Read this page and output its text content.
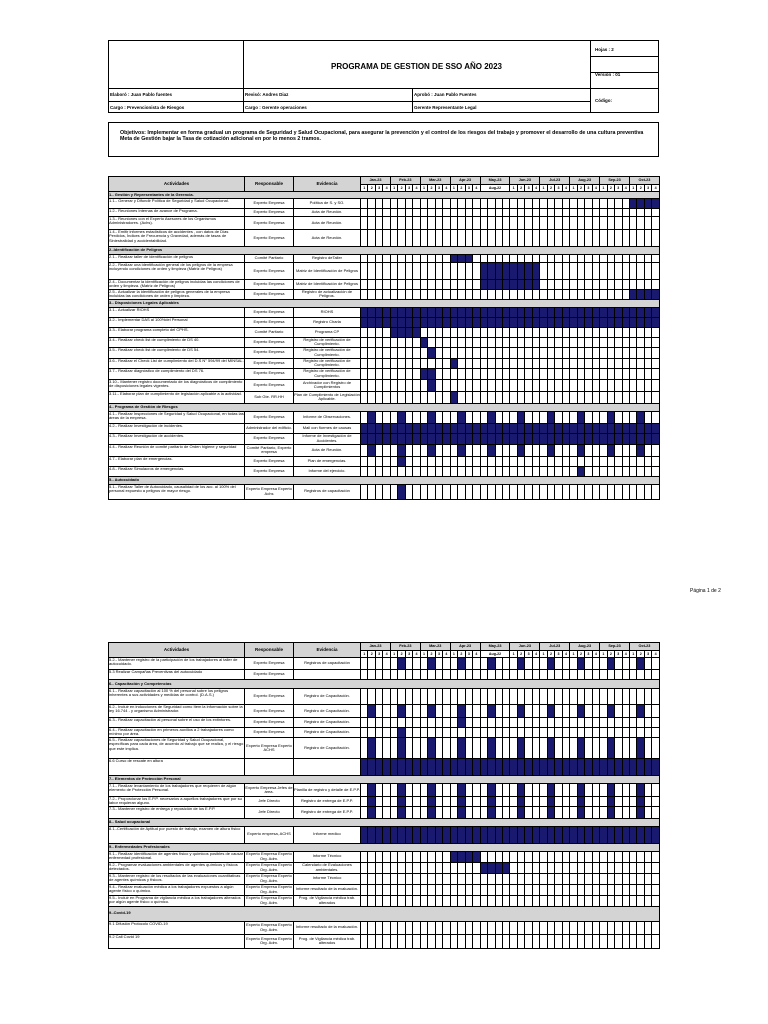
PROGRAMA DE GESTION DE SSO AÑO 2023
Hojas : 2
Versión : 01
Código:
Elaboró : Juan Pablo fuentes
Cargo : Prevencionista de Riesgos
Revisó: Andres Diaz
Cargo : Gerente operaciones
Aprobó : Juan Pablo Fuentes
Gerente Representante Legal
Objetivos: Implementar en forma gradual un programa de Seguridad y Salud Ocupacional, para asegurar la prevención y el control de los riesgos del trabajo y promover el desarrollo de una cultura preventiva Meta de Gestión bajar la Tasa de cotización adicional en por lo menos 2 tramos.
Actividades	Responsable	Evidencia	Jan-23				Feb-23				Mar-23				Apr-23				May-23				Jun-23				Jul-23				Aug-23				Sep-23				Oct-23			
			1	2	3	4	1	2	3	4	1	2	3	4	1	2	3	4	Aug-22				1	2	3	4	1	2	3	4	1	2	3	4	1	2	3	4	1	2	3	4
1.- Gestión y Representantes de la Gerencia.																																										
1.1.- Generar y Difundir Política de Seguridad y Salud Ocupacional.	Experto Empresa	Política de S. y SO.																																								
1.2.- Reuniones Internas de avance de Programa.	Experto Empresa	Acta de Reunión.																																								
1.3.- Reuniones con el Experto Asesores de los Organismos Administradores. (Achs).	Experto Empresa	Acta de Reunión.																																								
1.4.- Emitir informes estadísticos de accidentes , con datos de Días Perdidos, Índices de Frecuencia y Gravedad, además de tasas de Siniestralidad y accidentabilidad.	Experto Empresa	Acta de Reunión.																																								
2.-Identificación de Peligros																																										
2.1.- Realizar taller de identificación de peligros	Comité Paritario	Registro deTaller																																								
2.2.- Realizar una identificación general de los peligros de la empresa incluyendo condiciones de orden y limpieza (Matriz de Peligros)	Experto Empresa	Matriz de Identificación de Peligros																																								
2.4.- Documentar la identificación de peligros incluidas las condiciones de orden y limpieza. (Matriz de Peligros)	Experto Empresa	Matriz de Identificación de Peligros																																								
2.5.- Actualizar la identificación de peligros generales de la empresa incluidas las condiciones de orden y limpieza.	Experto Empresa	Registro de actualización de Peligros.																																								
3.- Disposiciones Legales Aplicables																																										
3.1.- Actualizar RIOHS	Experto Empresa	RIOHS																																								
3.2.- Implementar DAS al 100%del Personal	Experto Empresa	Registro Charla																																								
3.3.- Elaborar programa completo del CPHS.	Comité Paritario	Programa CP																																								
3.4.- Realizar check list de cumplimiento de DS 40.	Experto Empresa	Registro de verificación de Cumplimiento.																																								
3.5.- Realizar check list de cumplimiento de DS 54.	Experto Empresa	Registro de verificación de Cumplimiento.																																								
3.6.- Realizar el Check List de cumplimiento del D.S N° 594/99 del MINSAL.	Experto Empresa	Registro de verificación de Cumplimiento.																																								
3.7.- Realizar diagnóstico de cumplimiento del DS 76.	Experto Empresa	Registro de verificación de Cumplimiento.																																								
3.10.- Mantener registro documentado de los diagnósticos de cumplimiento de disposiciones legales vigentes.	Experto Empresa	Archivador con Registro de Cumplimientos																																								
3.11.- Elaborar plan de cumplimiento de legislación aplicable a la actividad.	Sub Gte. RR.HH	Plan de Cumplimiento de Legislación Aplicable.																																								
4.- Programa de Gestión de Riesgos																																										
4.1.- Realizar Inspecciones de Seguridad y Salud Ocupacional, en todas las áreas de la empresa.	Experto Empresa	Informe de Observaciones.																																								
4.2.- Realizar Investigación de incidentes.	Administrador del edificio.	Mail con fiormes de causas																																								
4.3.- Realizar Investigación de accidentes.	Experto Empresa	Informe de Investigación de Accidentes.																																								
4.4.- Realizar Reunión de comité paritario de Orden higiene y seguridad	Comité Paritario, Experto empresa	Acta de Reunión.																																								
4.7.- Elaborar plan de emergencias.	Experto Empresa	Plan de emergencias.																																								
4.8.- Realizar Simulacros de emergencias.	Experto Empresa	Informe del ejercicio.																																								
5.- Autocuidado																																										
5.1.- Realizar Taller de Autocuidado, causalidad de los acc. al 100% del personal expuesto a peligros de mayor riesgo.	Experto Empresa Experto Achs	Registros de capacitación																																								
Página 1 de 2
Actividades	Responsable	Evidencia	Jan-23				Feb-23				Mar-23				Apr-23				May-23				Jun-23				Jul-23				Aug-23				Sep-23				Oct-23			
			1	2	3	4	1	2	3	4	1	2	3	4	1	2	3	4	Aug-22				1	2	3	4	1	2	3	4	1	2	3	4	1	2	3	4	1	2	3	4
5.2.- Mantener registro de la participación de los trabajadores al taller de autocuidado.	Experto Empresa	Registros de capacitación																																								
5.3 Realizar Campañas Preventivas del autocuidado	Experto Empresa																																									
6.- Capacitación y Competencias																																										
6.1.- Realizar capacitación al 100 % del personal sobre los peligros inherentes a sus actividades y medidas de control. (D.A.S.)	Experto Empresa	Registro de Capacitación.																																								
6.2.- Incluir en inducciones de Seguridad como Item la información sobre la ley 16.744 - y organismo Administrador.	Experto Empresa	Registro de Capacitación.																																								
6.3.- Realizar capacitación al personal sobre el uso de los extintores.	Experto Empresa	Registro de Capacitación.																																								
6.4.- Realizar capacitación en primeros auxilios a 2 trabajadores como mínimo por área.	Experto Empresa	Registro de Capacitación.																																								
6.5.- Realizar capacitaciones de Seguridad y Salud Ocupacional, específicas para cada área, de acuerdo al trabajo que se realiza, y el riesgo que este implica.	Experto Empresa Experto ACHS	Registro de Capacitación.																																								
6.6 Curso de rescate en altura																																										
7.- Elementos de Protección Personal																																										
7.1.- Realizar levantamiento de los trabajadores que requieren de algún elemento de Protección Personal.	Experto Empresa Jefes de área.	Planilla de registro y detalle de E.P.P.																																								
7.2.- Proporcionar los E.P.P. necesarios a aquellos trabajadores que por su labor requieran alguno.	Jefe Directo	Registro de entrega de E.P.P.																																								
7.3.- Mantener registro de entrega y reposición de los E.P.P.	Jefe Directo	Registro de entrega de E.P.P.																																								
8.- Salud ocupacional																																										
8.1.-Certificación de Aptitud por puesto de trabajo, examen de altura físico	Experto empresa, ACHS	Informe medico																																								
9.- Enfermedades Profesionales																																										
9.1.- Realizar identificación de agentes físico y químicos posibles de causar enfermedad profesional.	Experto Empresa Experto Org. Adm.	Informe Técnico																																								
9.2.- Programar evaluaciones ambientales de agentes químicos y físicos detectados.	Experto Empresa Experto Org. Adm.	Calendario de Evaluaciones ambientales.																																								
9.3.- Mantener registro de los resultados de las evaluaciones cuantitativas de agentes químicos y físicos.	Experto Empresa Experto Org. Adm.	Informe Técnico																																								
9.4.- Realizar evaluación médica a los trabajadores expuestos a algún agente físico o químico.	Experto Empresa Experto Org. Adm.	Informe resultado de la evaluación.																																								
9.5.- Incluir en Programa de vigilancia médica a los trabajadores alterados por algún agente físico o químico.	Experto Empresa Experto Org. Adm.	Prog. de Vigilancia médica trab. alterados																																								
9.-Covid-19																																										
9.1 Difusión Protocolo COVID-19	Experto Empresa Experto Org. Adm.	Informe resultado de la evaluación.																																								
9.2 Call Covid 19	Experto Empresa Experto Org. Adm.	Prog. de Vigilancia médica trab. alterados																																								
